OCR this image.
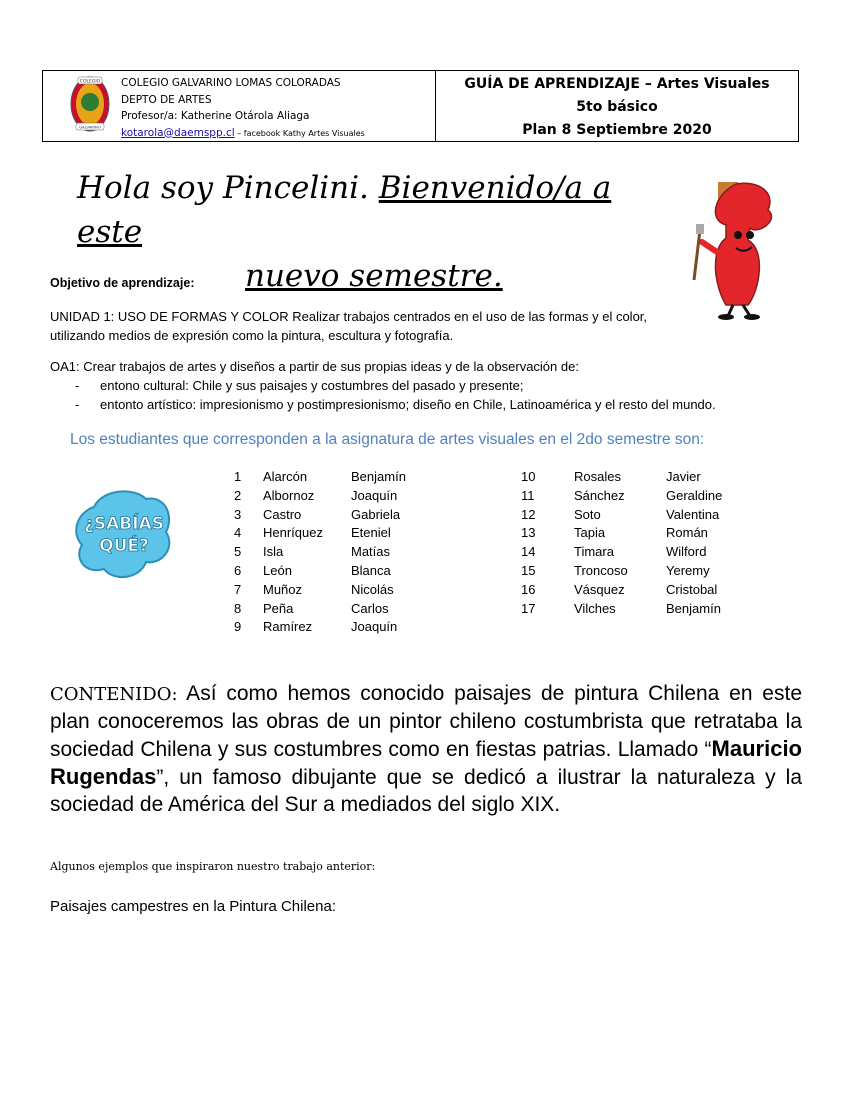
COLEGIO
GALVARINO
COLEGIO GALVARINO LOMAS COLORADAS
DEPTO DE ARTES
Profesor/a: Katherine Otárola Aliaga
kotarola@daemspp.cl – facebook Kathy Artes Visuales
GUÍA DE APRENDIZAJE – Artes Visuales
5to básico
Plan 8 Septiembre 2020
Hola soy Pincelini. Bienvenido/a a este
nuevo semestre.
Objetivo de aprendizaje:
UNIDAD 1: USO DE FORMAS Y COLOR Realizar trabajos centrados en el uso de las formas y el color, utilizando medios de expresión como la pintura, escultura y fotografía.
OA1: Crear trabajos de artes y diseños a partir de sus propias ideas y de la observación de:
- entono cultural: Chile y sus paisajes y costumbres del pasado y presente;
- entonto artístico: impresionismo y postimpresionismo; diseño en Chile, Latinoamérica y el resto del mundo.
Los estudiantes que corresponden a la asignatura de artes visuales en el 2do semestre son:
¿SABÍAS
QUÉ?
1	Alarcón	Benjamín
2	Albornoz	Joaquín
3	Castro	Gabriela
4	Henríquez	Eteniel
5	Isla	Matías
6	León	Blanca
7	Muñoz	Nicolás
8	Peña	Carlos
9	Ramírez	Joaquín
10	Rosales	Javier
11	Sánchez	Geraldine
12	Soto	Valentina
13	Tapia	Román
14	Timara	Wilford
15	Troncoso	Yeremy
16	Vásquez	Cristobal
17	Vilches	Benjamín
CONTENIDO: Así como hemos conocido paisajes de pintura Chilena en este plan conoceremos las obras de un pintor chileno costumbrista que retrataba la sociedad Chilena y sus costumbres como en fiestas patrias. Llamado “Mauricio Rugendas”, un famoso dibujante que se dedicó a ilustrar la naturaleza y la sociedad de América del Sur a mediados del siglo XIX.
Algunos ejemplos que inspiraron nuestro trabajo anterior:
Paisajes campestres en la Pintura Chilena:
